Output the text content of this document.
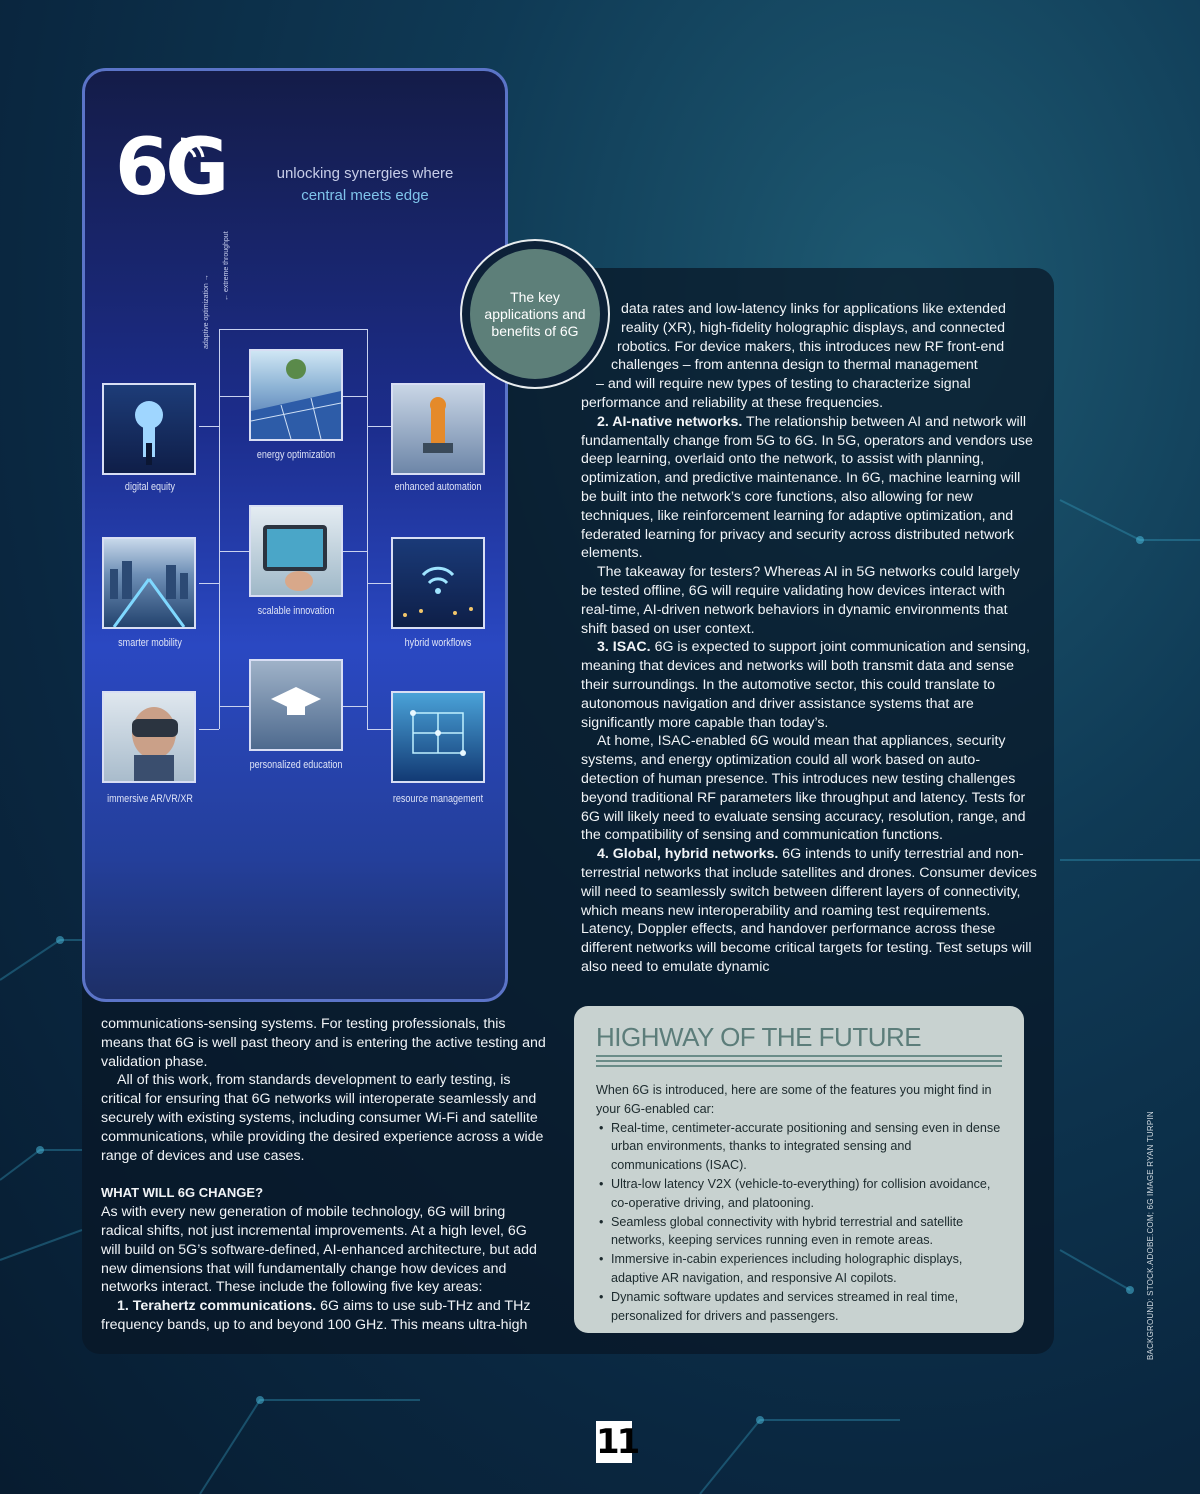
6G	unlocking synergies where
central meets edge
adaptive optimization →
← extreme throughput
digital equity
energy optimization
enhanced automation
scalable innovation
smarter mobility	hybrid workflows
personalized education
immersive AR/VR/XR	resource management
The key applications and benefits of 6G

data rates and low-latency links for applications like extended

reality (XR), high-fidelity holographic displays, and connected

robotics. For device makers, this introduces new RF front-end

challenges – from antenna design to thermal management

– and will require new types of testing to characterize signal

performance and reliability at these frequencies.

2. AI-native networks. The relationship between AI and network will fundamentally change from 5G to 6G. In 5G, operators and vendors use deep learning, overlaid onto the network, to assist with planning, optimization, and predictive maintenance. In 6G, machine learning will be built into the network’s core functions, also allowing for new techniques, like reinforcement learning for adaptive optimization, and federated learning for privacy and security across distributed network elements.

The takeaway for testers? Whereas AI in 5G networks could largely be tested offline, 6G will require validating how devices interact with real-time, AI-driven network behaviors in dynamic environments that shift based on user context.

3. ISAC. 6G is expected to support joint communication and sensing, meaning that devices and networks will both transmit data and sense their surroundings. In the automotive sector, this could translate to autonomous navigation and driver assistance systems that are significantly more capable than today’s.

At home, ISAC-enabled 6G would mean that appliances, security systems, and energy optimization could all work based on auto-detection of human presence. This introduces new testing challenges beyond traditional RF parameters like throughput and latency. Tests for 6G will likely need to evaluate sensing accuracy, resolution, range, and the compatibility of sensing and communication functions.

4. Global, hybrid networks. 6G intends to unify terrestrial and non-terrestrial networks that include satellites and drones. Consumer devices will need to seamlessly switch between different layers of connectivity, which means new interoperability and roaming test requirements. Latency, Doppler effects, and handover performance across these different networks will become critical targets for testing. Test setups will also need to emulate dynamic

communications-sensing systems. For testing professionals, this means that 6G is well past theory and is entering the active testing and validation phase.

All of this work, from standards development to early testing, is critical for ensuring that 6G networks will interoperate seamlessly and securely with existing systems, including consumer Wi-Fi and satellite communications, while providing the desired experience across a wide range of devices and use cases.

WHAT WILL 6G CHANGE?

As with every new generation of mobile technology, 6G will bring radical shifts, not just incremental improvements. At a high level, 6G will build on 5G’s software-defined, AI-enhanced architecture, but add new dimensions that will fundamentally change how devices and networks interact. These include the following five key areas:

1. Terahertz communications. 6G aims to use sub-THz and THz frequency bands, up to and beyond 100 GHz. This means ultra-high

HIGHWAY OF THE FUTURE

When 6G is introduced, here are some of the features you might find in your 6G-enabled car:
• Real-time, centimeter-accurate positioning and sensing even in dense urban environments, thanks to integrated sensing and communications (ISAC).
• Ultra-low latency V2X (vehicle-to-everything) for collision avoidance, co-operative driving, and platooning.
• Seamless global connectivity with hybrid terrestrial and satellite networks, keeping services running even in remote areas.
• Immersive in-cabin experiences including holographic displays, adaptive AR navigation, and responsive AI copilots.
• Dynamic software updates and services streamed in real time, personalized for drivers and passengers.	BACKGROUND: STOCK.ADOBE.COM; 6G IMAGE RYAN TURPIN
11
